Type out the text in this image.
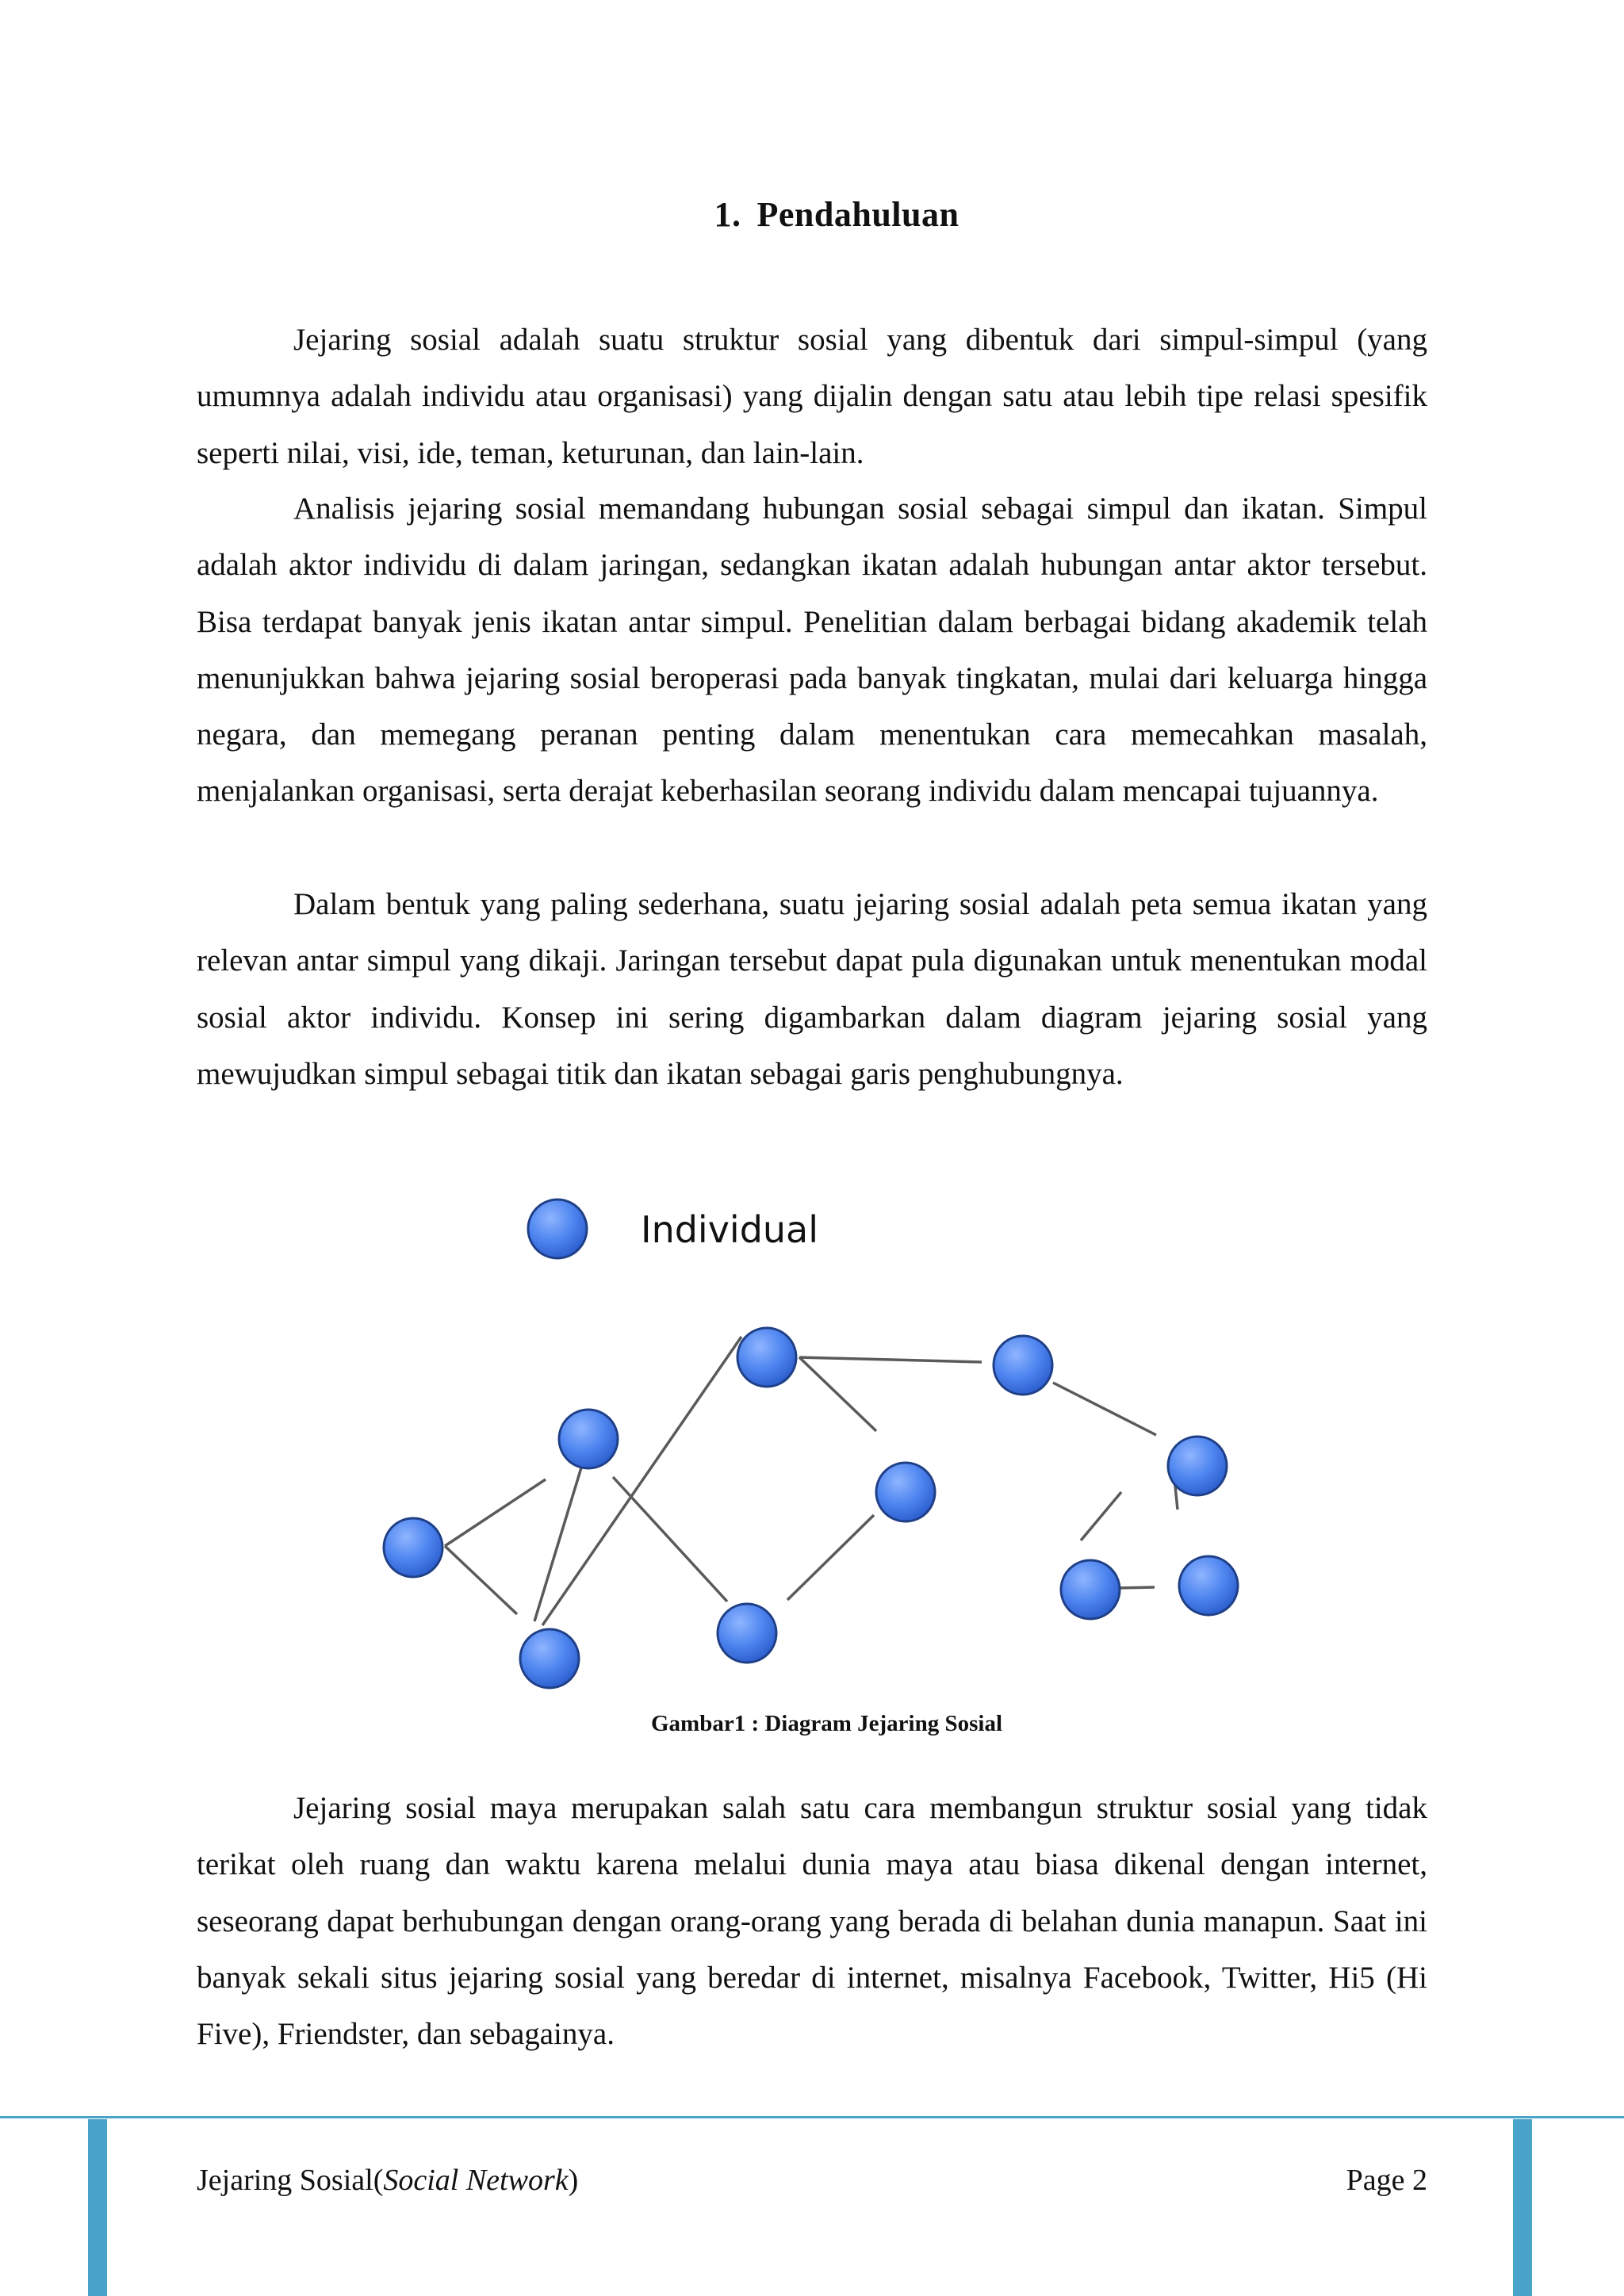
1. Pendahuluan

Jejaring sosial adalah suatu struktur sosial yang dibentuk dari simpul-simpul (yang umumnya adalah individu atau organisasi) yang dijalin dengan satu atau lebih tipe relasi spesifik seperti nilai, visi, ide, teman, keturunan, dan lain-lain.

Analisis jejaring sosial memandang hubungan sosial sebagai simpul dan ikatan. Simpul adalah aktor individu di dalam jaringan, sedangkan ikatan adalah hubungan antar aktor tersebut. Bisa terdapat banyak jenis ikatan antar simpul. Penelitian dalam berbagai bidang akademik telah menunjukkan bahwa jejaring sosial beroperasi pada banyak tingkatan, mulai dari keluarga hingga negara, dan memegang peranan penting dalam menentukan cara memecahkan masalah, menjalankan organisasi, serta derajat keberhasilan seorang individu dalam mencapai tujuannya.

Dalam bentuk yang paling sederhana, suatu jejaring sosial adalah peta semua ikatan yang relevan antar simpul yang dikaji. Jaringan tersebut dapat pula digunakan untuk menentukan modal sosial aktor individu. Konsep ini sering digambarkan dalam diagram jejaring sosial yang mewujudkan simpul sebagai titik dan ikatan sebagai garis penghubungnya.

Individual

Gambar1 : Diagram Jejaring Sosial

Jejaring sosial maya merupakan salah satu cara membangun struktur sosial yang tidak terikat oleh ruang dan waktu karena melalui dunia maya atau biasa dikenal dengan internet, seseorang dapat berhubungan dengan orang-orang yang berada di belahan dunia manapun. Saat ini banyak sekali situs jejaring sosial yang beredar di internet, misalnya Facebook, Twitter, Hi5 (Hi Five), Friendster, dan sebagainya.

Jejaring Sosial(Social Network)	Page 2
